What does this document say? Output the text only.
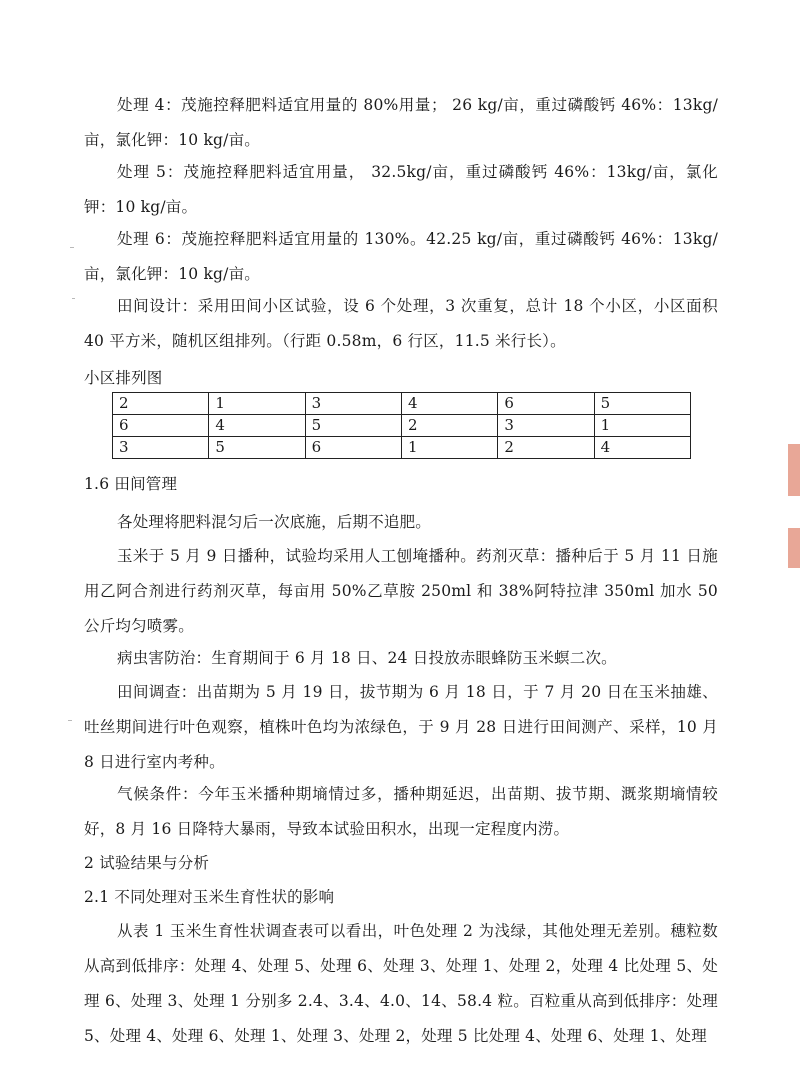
处理 4：茂施控释肥料适宜用量的 80%用量； 26 kg/亩，重过磷酸钙 46%：13kg/亩，氯化钾：10 kg/亩。

处理 5：茂施控释肥料适宜用量， 32.5kg/亩，重过磷酸钙 46%：13kg/亩，氯化钾：10 kg/亩。

处理 6：茂施控释肥料适宜用量的 130%。42.25 kg/亩，重过磷酸钙 46%：13kg/亩，氯化钾：10 kg/亩。

田间设计：采用田间小区试验，设 6 个处理，3 次重复，总计 18 个小区，小区面积 40 平方米，随机区组排列。（行距 0.58m，6 行区，11.5 米行长）。

小区排列图
2	1	3	4	6	5
6	4	5	2	3	1
3	5	6	1	2	4
1.6 田间管理

各处理将肥料混匀后一次底施，后期不追肥。

玉米于 5 月 9 日播种，试验均采用人工刨埯播种。药剂灭草：播种后于 5 月 11 日施用乙阿合剂进行药剂灭草，每亩用 50%乙草胺 250ml 和 38%阿特拉津 350ml 加水 50 公斤均匀喷雾。

病虫害防治：生育期间于 6 月 18 日、24 日投放赤眼蜂防玉米螟二次。

田间调查：出苗期为 5 月 19 日，拔节期为 6 月 18 日，于 7 月 20 日在玉米抽雄、吐丝期间进行叶色观察，植株叶色均为浓绿色，于 9 月 28 日进行田间测产、采样，10 月 8 日进行室内考种。

气候条件：今年玉米播种期墒情过多，播种期延迟，出苗期、拔节期、溉浆期墒情较好，8 月 16 日降特大暴雨，导致本试验田积水，出现一定程度内涝。

2 试验结果与分析
2.1 不同处理对玉米生育性状的影响

从表 1 玉米生育性状调查表可以看出，叶色处理 2 为浅绿，其他处理无差别。穗粒数从高到低排序：处理 4、处理 5、处理 6、处理 3、处理 1、处理 2，处理 4 比处理 5、处理 6、处理 3、处理 1 分别多 2.4、3.4、4.0、14、58.4 粒。百粒重从高到低排序：处理 5、处理 4、处理 6、处理 1、处理 3、处理 2，处理 5 比处理 4、处理 6、处理 1、处理
